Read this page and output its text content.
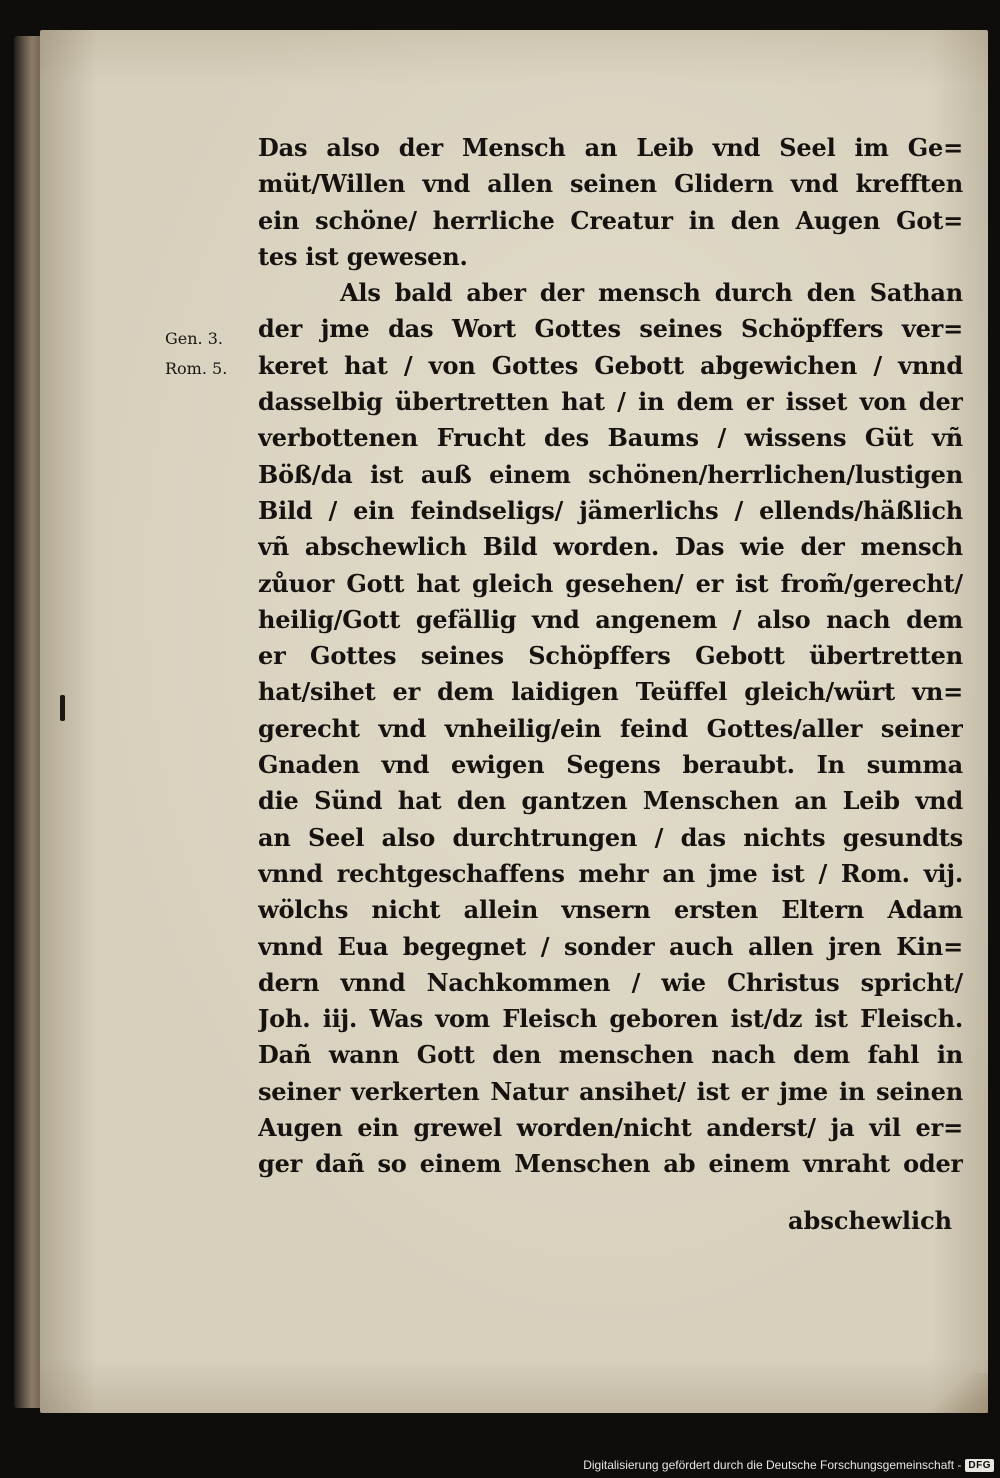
Gen. 3.
Rom. 5.
Das also der Mensch an Leib vnd Seel im Ge=
müt/Willen vnd allen seinen Glidern vnd krefften
ein schöne/ herrliche Creatur in den Augen Got=
tes ist gewesen.
Als bald aber der mensch durch den Sathan
der jme das Wort Gottes seines Schöpffers ver=
keret hat / von Gottes Gebott abgewichen / vnnd
dasselbig übertretten hat / in dem er isset von der
verbottenen Frucht des Baums / wissens Güt vñ
Böß/da ist auß einem schönen/herrlichen/lustigen
Bild / ein feindseligs/ jämerlichs / ellends/häßlich
vñ abschewlich Bild worden. Das wie der mensch
zůuor Gott hat gleich gesehen/ er ist from̃/gerecht/
heilig/Gott gefällig vnd angenem / also nach dem
er Gottes seines Schöpffers Gebott übertretten
hat/sihet er dem laidigen Teüffel gleich/würt vn=
gerecht vnd vnheilig/ein feind Gottes/aller seiner
Gnaden vnd ewigen Segens beraubt. In summa
die Sünd hat den gantzen Menschen an Leib vnd
an Seel also durchtrungen / das nichts gesundts
vnnd rechtgeschaffens mehr an jme ist / Rom. vij.
wölchs nicht allein vnsern ersten Eltern Adam
vnnd Eua begegnet / sonder auch allen jren Kin=
dern vnnd Nachkommen / wie Christus spricht/
Joh. iij. Was vom Fleisch geboren ist/dz ist Fleisch.
Dañ wann Gott den menschen nach dem fahl in
seiner verkerten Natur ansihet/ ist er jme in seinen
Augen ein grewel worden/nicht anderst/ ja vil er=
ger dañ so einem Menschen ab einem vnraht oder
abschewlich
Digitalisierung gefördert durch die Deutsche Forschungsgemeinschaft - DFG
